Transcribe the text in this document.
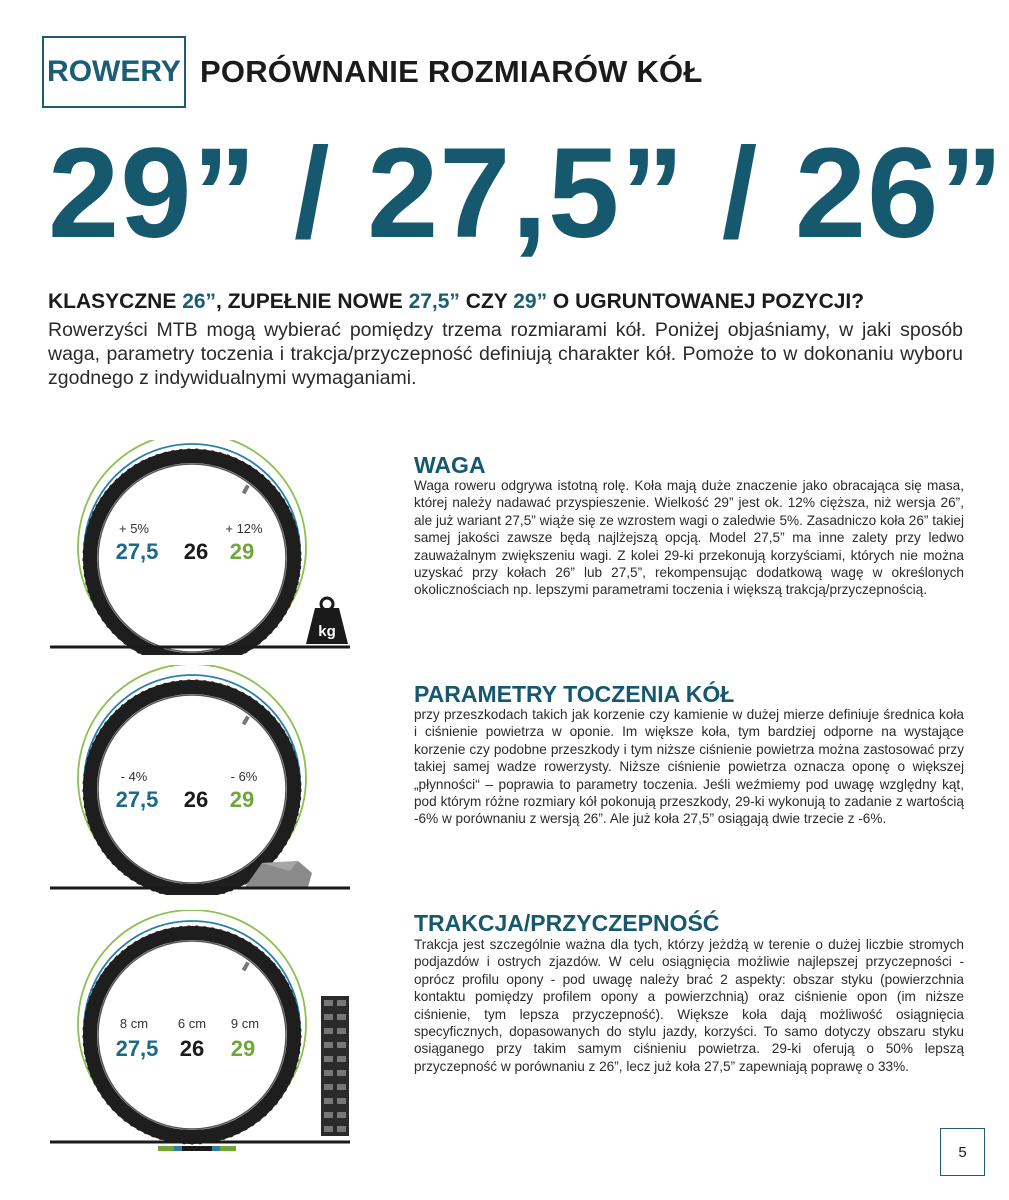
ROWERY PORÓWNANIE ROZMIARÓW KÓŁ
29” / 27,5” / 26”
KLASYCZNE 26”, ZUPEŁNIE NOWE 27,5” CZY 29” O UGRUNTOWANEJ POZYCJI?
Rowerzyści MTB mogą wybierać pomiędzy trzema rozmiarami kół. Poniżej objaśniamy, w jaki sposób waga, parametry toczenia i trakcja/przyczepność definiują charakter kół. Pomoże to w dokonaniu wyboru zgodnego z indywidualnymi wymaganiami.
+ 5%	+ 12%
27,5 26 29
kg
WAGA
Waga roweru odgrywa istotną rolę. Koła mają duże znaczenie jako obracająca się masa, której należy nadawać przyspieszenie. Wielkość 29” jest ok. 12% cięższa, niż wersja 26”, ale już wariant 27,5” wiąże się ze wzrostem wagi o zaledwie 5%. Zasadniczo koła 26” takiej samej jakości zawsze będą najlżejszą opcją. Model 27,5” ma inne zalety przy ledwo zauważalnym zwiększeniu wagi. Z kolei 29-ki przekonują korzyściami, których nie można uzyskać przy kołach 26” lub 27,5”, rekompensując dodatkową wagę w określonych okolicznościach np. lepszymi parametrami toczenia i większą trakcją/przyczepnością.
- 4%	- 6%
27,5 26 29
PARAMETRY TOCZENIA KÓŁ
przy przeszkodach takich jak korzenie czy kamienie w dużej mierze definiuje średnica koła i ciśnienie powietrza w oponie. Im większe koła, tym bardziej odporne na wystające korzenie czy podobne przeszkody i tym niższe ciśnienie powietrza można zastosować przy takiej samej wadze rowerzysty. Niższe ciśnienie powietrza oznacza oponę o większej „płynności“ – poprawia to parametry toczenia. Jeśli weźmiemy pod uwagę względny kąt, pod którym różne rozmiary kół pokonują przeszkody, 29-ki wykonują to zadanie z wartością -6% w porównaniu z wersją 26”. Ale już koła 27,5” osiągają dwie trzecie z -6%.
8 cm 6 cm 9 cm
27,5 26 29
TRAKCJA/PRZYCZEPNOŚĆ
Trakcja jest szczególnie ważna dla tych, którzy jeżdżą w terenie o dużej liczbie stromych podjazdów i ostrych zjazdów. W celu osiągnięcia możliwie najlepszej przyczepności - oprócz profilu opony - pod uwagę należy brać 2 aspekty: obszar styku (powierzchnia kontaktu pomiędzy profilem opony a powierzchnią) oraz ciśnienie opon (im niższe ciśnienie, tym lepsza przyczepność). Większe koła dają możliwość osiągnięcia specyficznych, dopasowanych do stylu jazdy, korzyści. To samo dotyczy obszaru styku osiąganego przy takim samym ciśnieniu powietrza. 29-ki oferują o 50% lepszą przyczepność w porównaniu z 26”, lecz już koła 27,5” zapewniają poprawę o 33%.
5
